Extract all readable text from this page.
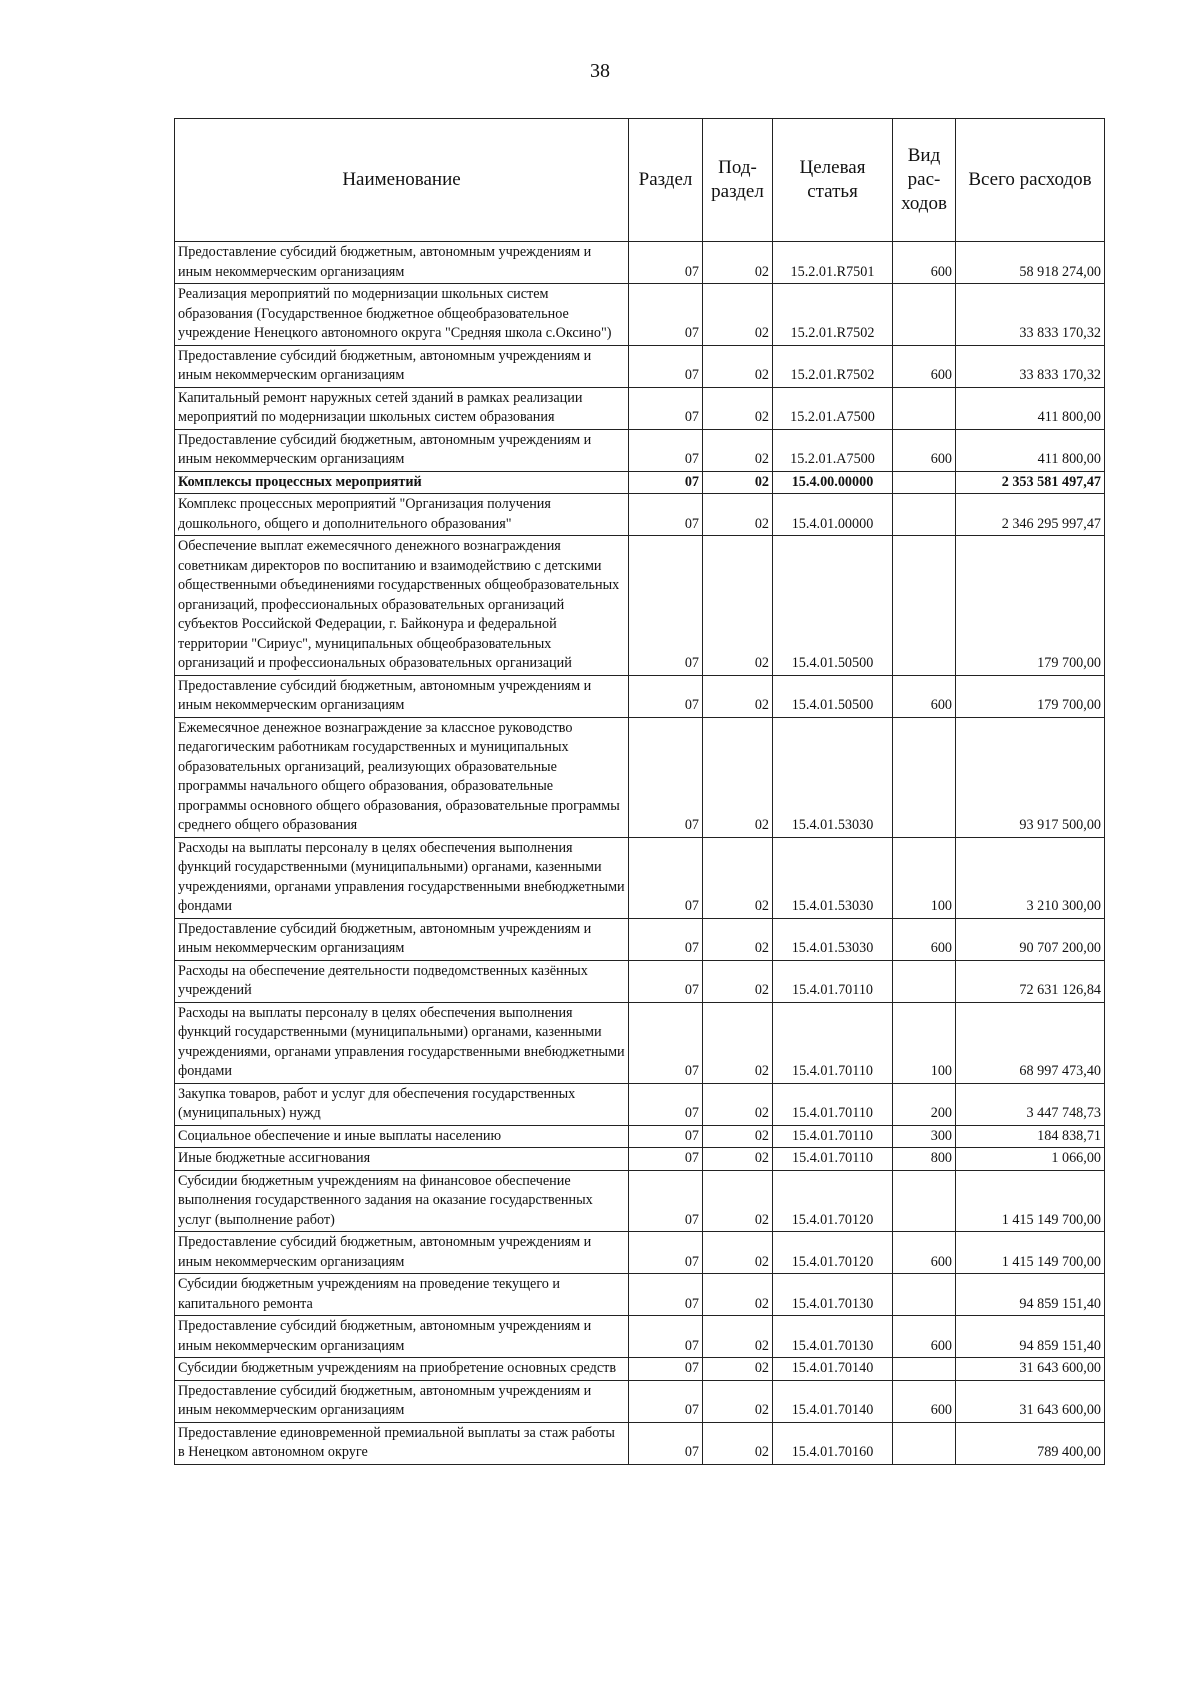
38
Наименование	Раздел	Под-раздел	Целевая статья	Вид рас-ходов	Всего расходов
Предоставление субсидий бюджетным, автономным учреждениям и иным некоммерческим организациям	07	02	15.2.01.R7501	600	58 918 274,00
Реализация мероприятий по модернизации школьных систем образования (Государственное бюджетное общеобразовательное учреждение Ненецкого автономного округа "Средняя школа с.Оксино")	07	02	15.2.01.R7502		33 833 170,32
Предоставление субсидий бюджетным, автономным учреждениям и иным некоммерческим организациям	07	02	15.2.01.R7502	600	33 833 170,32
Капитальный ремонт наружных сетей зданий в рамках реализации мероприятий по модернизации школьных систем образования	07	02	15.2.01.A7500		411 800,00
Предоставление субсидий бюджетным, автономным учреждениям и иным некоммерческим организациям	07	02	15.2.01.A7500	600	411 800,00
Комплексы процессных мероприятий	07	02	15.4.00.00000		2 353 581 497,47
Комплекс процессных мероприятий "Организация получения дошкольного, общего и дополнительного образования"	07	02	15.4.01.00000		2 346 295 997,47
Обеспечение выплат ежемесячного денежного вознаграждения советникам директоров по воспитанию и взаимодействию с детскими общественными объединениями государственных общеобразовательных организаций, профессиональных образовательных организаций субъектов Российской Федерации, г. Байконура и федеральной территории "Сириус", муниципальных общеобразовательных организаций и профессиональных образовательных организаций	07	02	15.4.01.50500		179 700,00
Предоставление субсидий бюджетным, автономным учреждениям и иным некоммерческим организациям	07	02	15.4.01.50500	600	179 700,00
Ежемесячное денежное вознаграждение за классное руководство педагогическим работникам государственных и муниципальных образовательных организаций, реализующих образовательные программы начального общего образования, образовательные программы основного общего образования, образовательные программы среднего общего образования	07	02	15.4.01.53030		93 917 500,00
Расходы на выплаты персоналу в целях обеспечения выполнения функций государственными (муниципальными) органами, казенными учреждениями, органами управления государственными внебюджетными фондами	07	02	15.4.01.53030	100	3 210 300,00
Предоставление субсидий бюджетным, автономным учреждениям и иным некоммерческим организациям	07	02	15.4.01.53030	600	90 707 200,00
Расходы на обеспечение деятельности подведомственных казённых учреждений	07	02	15.4.01.70110		72 631 126,84
Расходы на выплаты персоналу в целях обеспечения выполнения функций государственными (муниципальными) органами, казенными учреждениями, органами управления государственными внебюджетными фондами	07	02	15.4.01.70110	100	68 997 473,40
Закупка товаров, работ и услуг для обеспечения государственных (муниципальных) нужд	07	02	15.4.01.70110	200	3 447 748,73
Социальное обеспечение и иные выплаты населению	07	02	15.4.01.70110	300	184 838,71
Иные бюджетные ассигнования	07	02	15.4.01.70110	800	1 066,00
Субсидии бюджетным учреждениям на финансовое обеспечение выполнения государственного задания на оказание государственных услуг (выполнение работ)	07	02	15.4.01.70120		1 415 149 700,00
Предоставление субсидий бюджетным, автономным учреждениям и иным некоммерческим организациям	07	02	15.4.01.70120	600	1 415 149 700,00
Субсидии бюджетным учреждениям на проведение текущего и капитального ремонта	07	02	15.4.01.70130		94 859 151,40
Предоставление субсидий бюджетным, автономным учреждениям и иным некоммерческим организациям	07	02	15.4.01.70130	600	94 859 151,40
Субсидии бюджетным учреждениям на приобретение основных средств	07	02	15.4.01.70140		31 643 600,00
Предоставление субсидий бюджетным, автономным учреждениям и иным некоммерческим организациям	07	02	15.4.01.70140	600	31 643 600,00
Предоставление единовременной премиальной выплаты за стаж работы в Ненецком автономном округе	07	02	15.4.01.70160		789 400,00
